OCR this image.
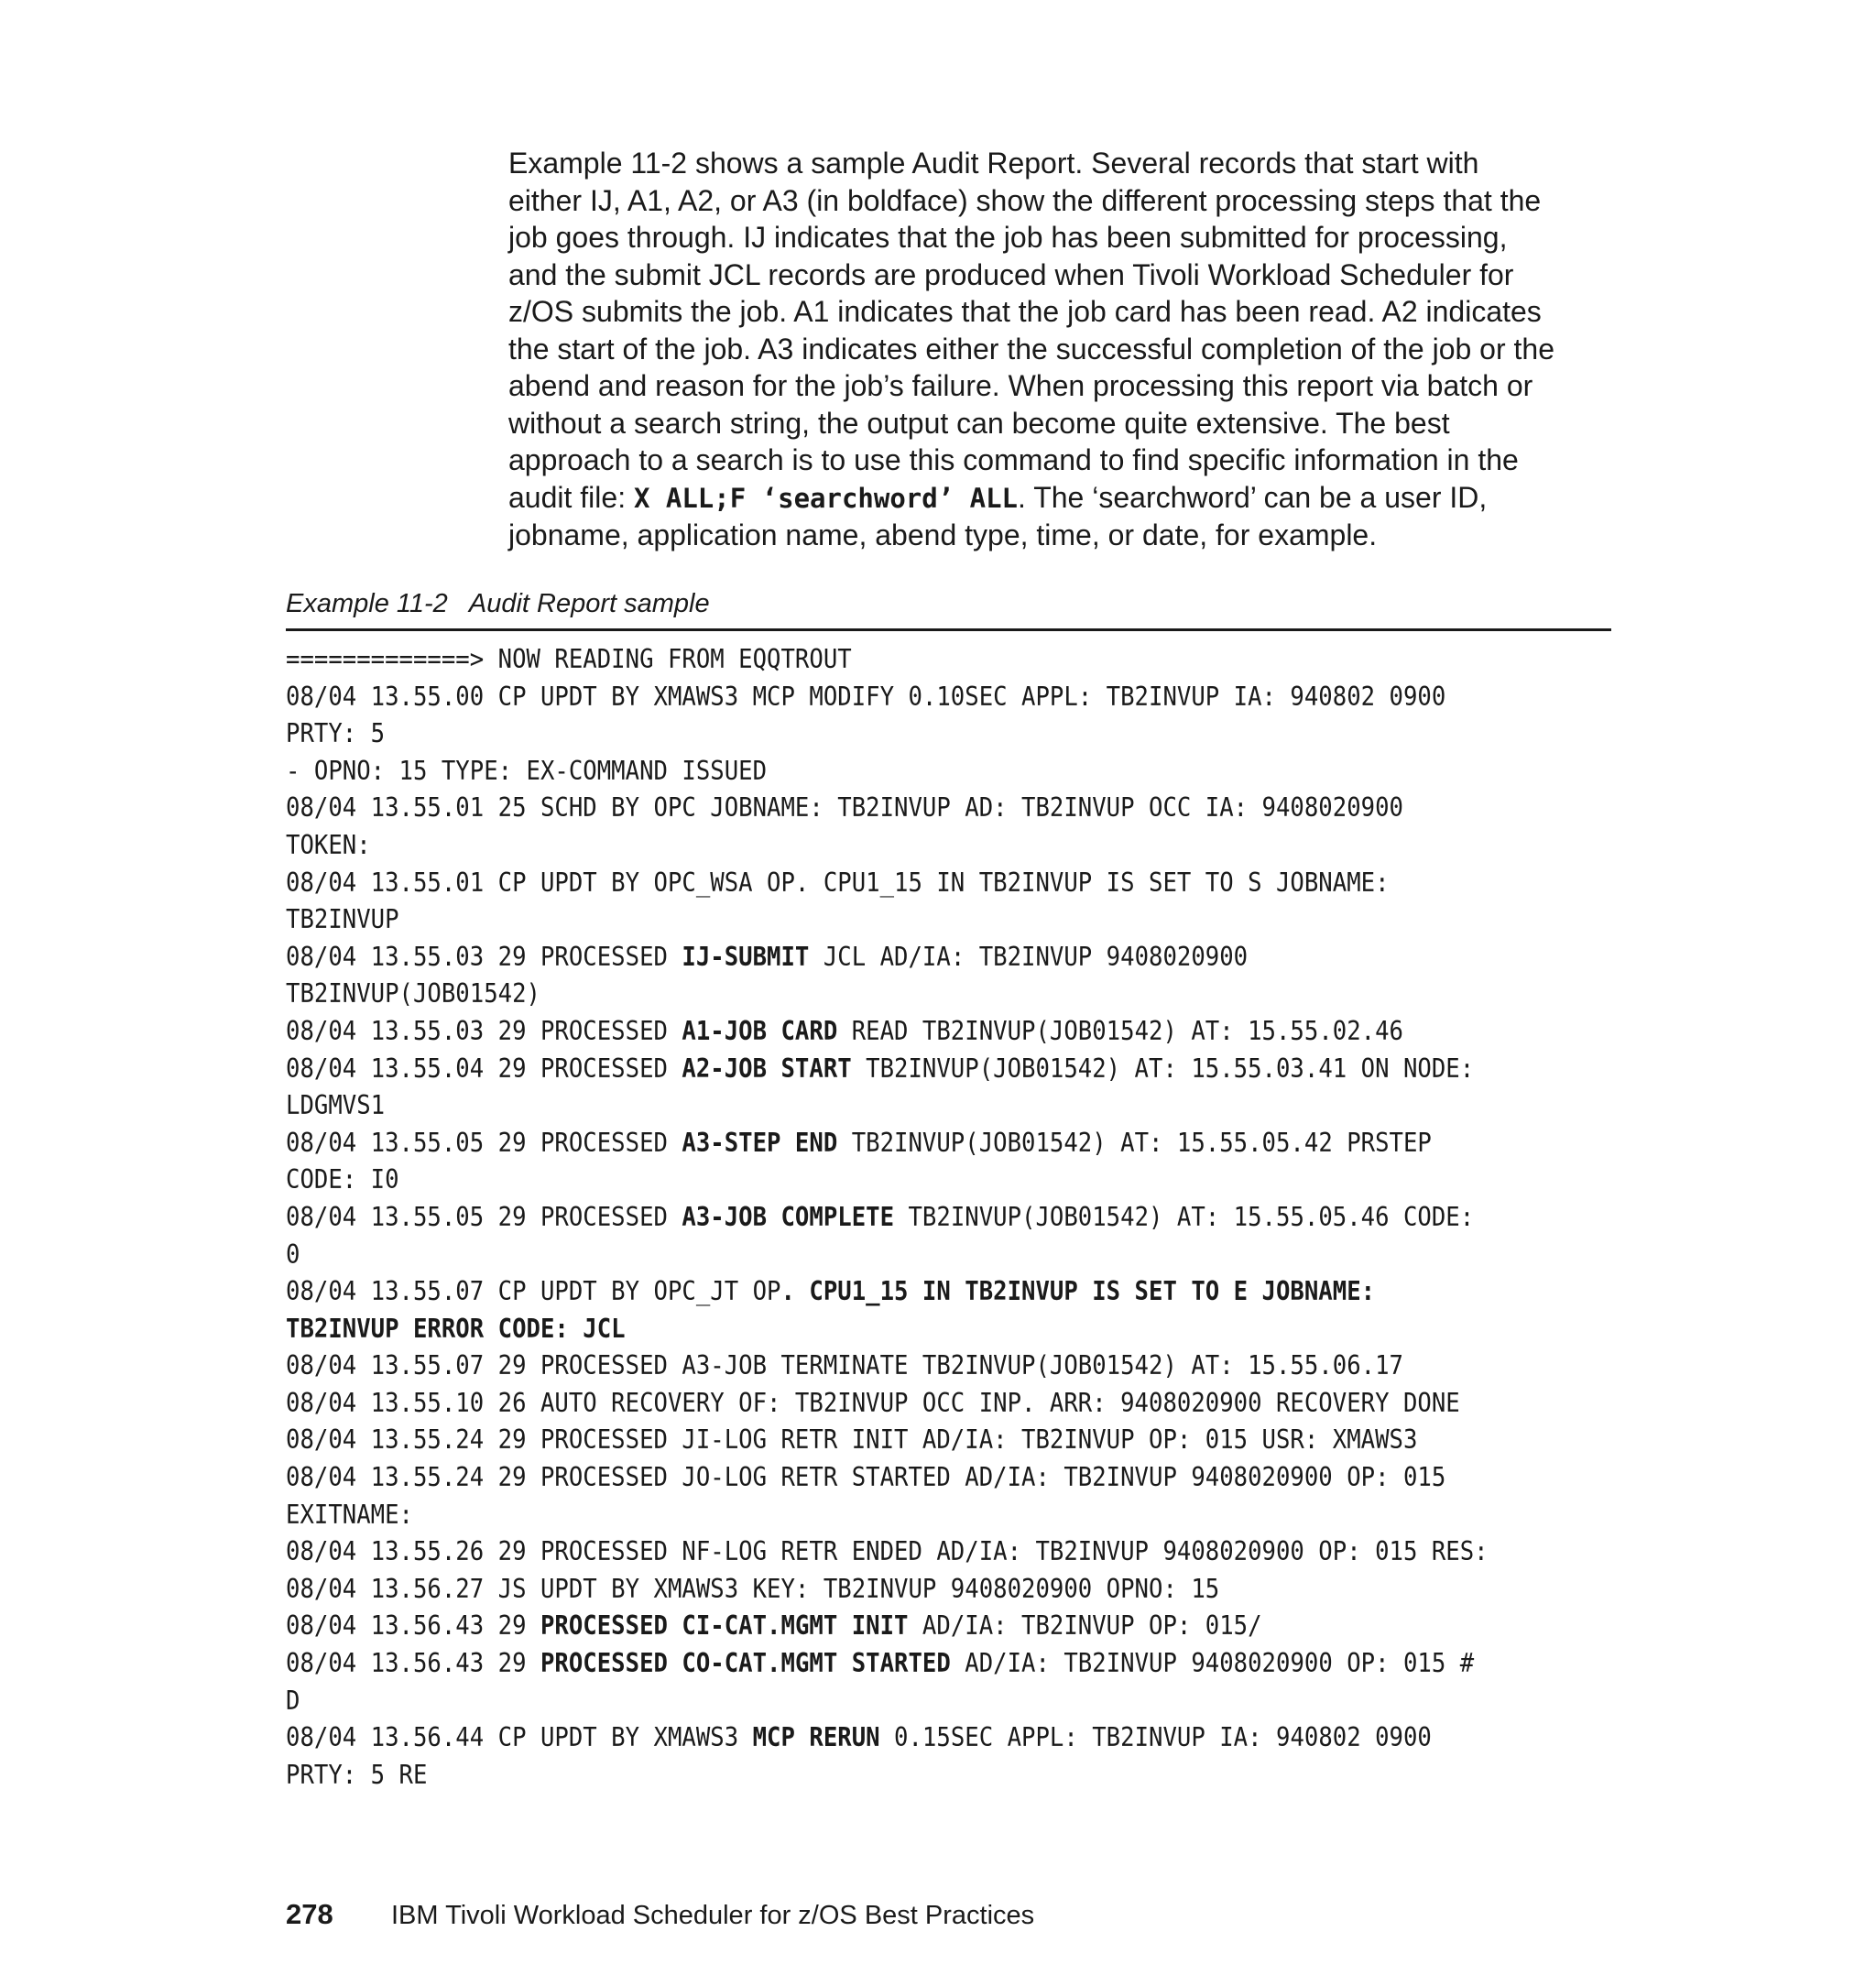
Example 11-2 shows a sample Audit Report. Several records that start with
either IJ, A1, A2, or A3 (in boldface) show the different processing steps that the
job goes through. IJ indicates that the job has been submitted for processing,
and the submit JCL records are produced when Tivoli Workload Scheduler for
z/OS submits the job. A1 indicates that the job card has been read. A2 indicates
the start of the job. A3 indicates either the successful completion of the job or the
abend and reason for the job’s failure. When processing this report via batch or
without a search string, the output can become quite extensive. The best
approach to a search is to use this command to find specific information in the
audit file: X ALL;F ‘searchword’ ALL. The ‘searchword’ can be a user ID,
jobname, application name, abend type, time, or date, for example.
Example 11-2   Audit Report sample
=============> NOW READING FROM EQQTROUT
08/04 13.55.00 CP UPDT BY XMAWS3 MCP MODIFY 0.10SEC APPL: TB2INVUP IA: 940802 0900
PRTY: 5
- OPNO: 15 TYPE: EX-COMMAND ISSUED
08/04 13.55.01 25 SCHD BY OPC JOBNAME: TB2INVUP AD: TB2INVUP OCC IA: 9408020900
TOKEN:
08/04 13.55.01 CP UPDT BY OPC_WSA OP. CPU1_15 IN TB2INVUP IS SET TO S JOBNAME:
TB2INVUP
08/04 13.55.03 29 PROCESSED IJ-SUBMIT JCL AD/IA: TB2INVUP 9408020900
TB2INVUP(JOB01542)
08/04 13.55.03 29 PROCESSED A1-JOB CARD READ TB2INVUP(JOB01542) AT: 15.55.02.46
08/04 13.55.04 29 PROCESSED A2-JOB START TB2INVUP(JOB01542) AT: 15.55.03.41 ON NODE:
LDGMVS1
08/04 13.55.05 29 PROCESSED A3-STEP END TB2INVUP(JOB01542) AT: 15.55.05.42 PRSTEP
CODE: I0
08/04 13.55.05 29 PROCESSED A3-JOB COMPLETE TB2INVUP(JOB01542) AT: 15.55.05.46 CODE:
0
08/04 13.55.07 CP UPDT BY OPC_JT OP. CPU1_15 IN TB2INVUP IS SET TO E JOBNAME:
TB2INVUP ERROR CODE: JCL
08/04 13.55.07 29 PROCESSED A3-JOB TERMINATE TB2INVUP(JOB01542) AT: 15.55.06.17
08/04 13.55.10 26 AUTO RECOVERY OF: TB2INVUP OCC INP. ARR: 9408020900 RECOVERY DONE
08/04 13.55.24 29 PROCESSED JI-LOG RETR INIT AD/IA: TB2INVUP OP: 015 USR: XMAWS3
08/04 13.55.24 29 PROCESSED JO-LOG RETR STARTED AD/IA: TB2INVUP 9408020900 OP: 015
EXITNAME:
08/04 13.55.26 29 PROCESSED NF-LOG RETR ENDED AD/IA: TB2INVUP 9408020900 OP: 015 RES:
08/04 13.56.27 JS UPDT BY XMAWS3 KEY: TB2INVUP 9408020900 OPNO: 15
08/04 13.56.43 29 PROCESSED CI-CAT.MGMT INIT AD/IA: TB2INVUP OP: 015/
08/04 13.56.43 29 PROCESSED CO-CAT.MGMT STARTED AD/IA: TB2INVUP 9408020900 OP: 015 #
D
08/04 13.56.44 CP UPDT BY XMAWS3 MCP RERUN 0.15SEC APPL: TB2INVUP IA: 940802 0900
PRTY: 5 RE
278 IBM Tivoli Workload Scheduler for z/OS Best Practices
